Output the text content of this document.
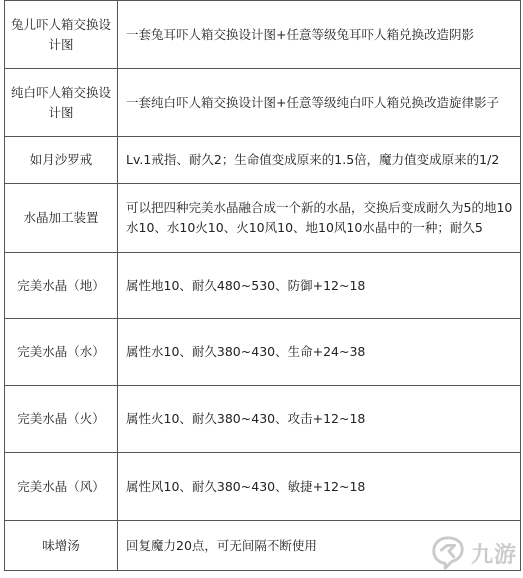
兔儿吓人箱交换设计图	一套兔耳吓人箱交换设计图+任意等级兔耳吓人箱兑换改造阴影
纯白吓人箱交换设计图	一套纯白吓人箱交换设计图+任意等级纯白吓人箱兑换改造旋律影子
如月沙罗戒	Lv.1戒指、耐久2；生命值变成原来的1.5倍，魔力值变成原来的1/2
水晶加工装置	可以把四种完美水晶融合成一个新的水晶，交换后变成耐久为5的地10水10、水10火10、火10风10、地10风10水晶中的一种；耐久5
完美水晶（地）	属性地10、耐久480~530、防御+12~18
完美水晶（水）	属性水10、耐久380~430、生命+24~38
完美水晶（火）	属性火10、耐久380~430、攻击+12~18
完美水晶（风）	属性风10、耐久380~430、敏捷+12~18
味增汤	回复魔力20点，可无间隔不断使用	九游
